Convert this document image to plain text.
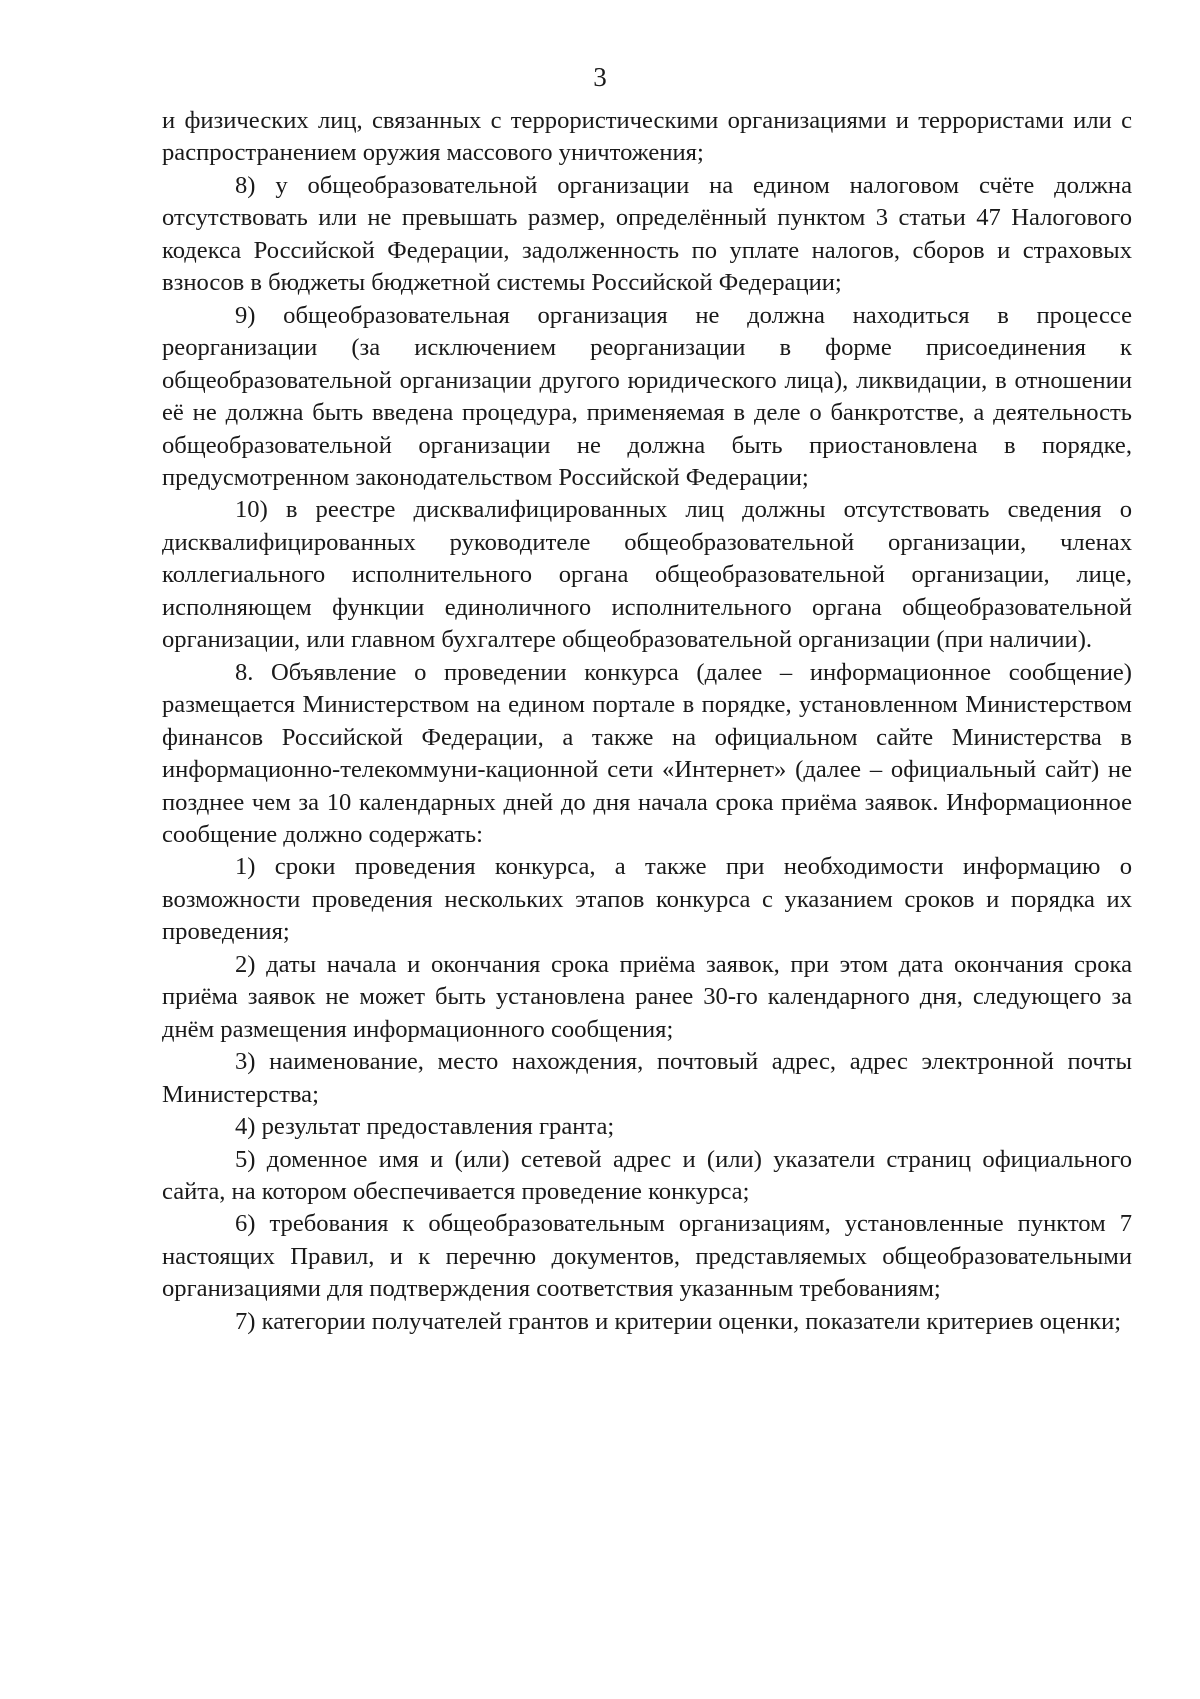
3

и физических лиц, связанных с террористическими организациями и террористами или с распространением оружия массового уничтожения;

8) у общеобразовательной организации на едином налоговом счёте должна отсутствовать или не превышать размер, определённый пунктом 3 статьи 47 Налогового кодекса Российской Федерации, задолженность по уплате налогов, сборов и страховых взносов в бюджеты бюджетной системы Российской Федерации;

9) общеобразовательная организация не должна находиться в процессе реорганизации (за исключением реорганизации в форме присоединения к общеобразовательной организации другого юридического лица), ликвидации, в отношении её не должна быть введена процедура, применяемая в деле о банкротстве, а деятельность общеобразовательной организации не должна быть приостановлена в порядке, предусмотренном законодательством Российской Федерации;

10) в реестре дисквалифицированных лиц должны отсутствовать сведения о дисквалифицированных руководителе общеобразовательной организации, членах коллегиального исполнительного органа общеобразовательной организации, лице, исполняющем функции единоличного исполнительного органа общеобразовательной организации, или главном бухгалтере общеобразовательной организации (при наличии).

8. Объявление о проведении конкурса (далее – информационное сообщение) размещается Министерством на едином портале в порядке, установленном Министерством финансов Российской Федерации, а также на официальном сайте Министерства в информационно-телекоммуни-кационной сети «Интернет» (далее – официальный сайт) не позднее чем за 10 календарных дней до дня начала срока приёма заявок. Информационное сообщение должно содержать:

1) сроки проведения конкурса, а также при необходимости информацию о возможности проведения нескольких этапов конкурса с указанием сроков и порядка их проведения;

2) даты начала и окончания срока приёма заявок, при этом дата окончания срока приёма заявок не может быть установлена ранее 30-го календарного дня, следующего за днём размещения информационного сообщения;

3) наименование, место нахождения, почтовый адрес, адрес электронной почты Министерства;

4) результат предоставления гранта;

5) доменное имя и (или) сетевой адрес и (или) указатели страниц официального сайта, на котором обеспечивается проведение конкурса;

6) требования к общеобразовательным организациям, установленные пунктом 7 настоящих Правил, и к перечню документов, представляемых общеобразовательными организациями для подтверждения соответствия указанным требованиям;

7) категории получателей грантов и критерии оценки, показатели критериев оценки;
